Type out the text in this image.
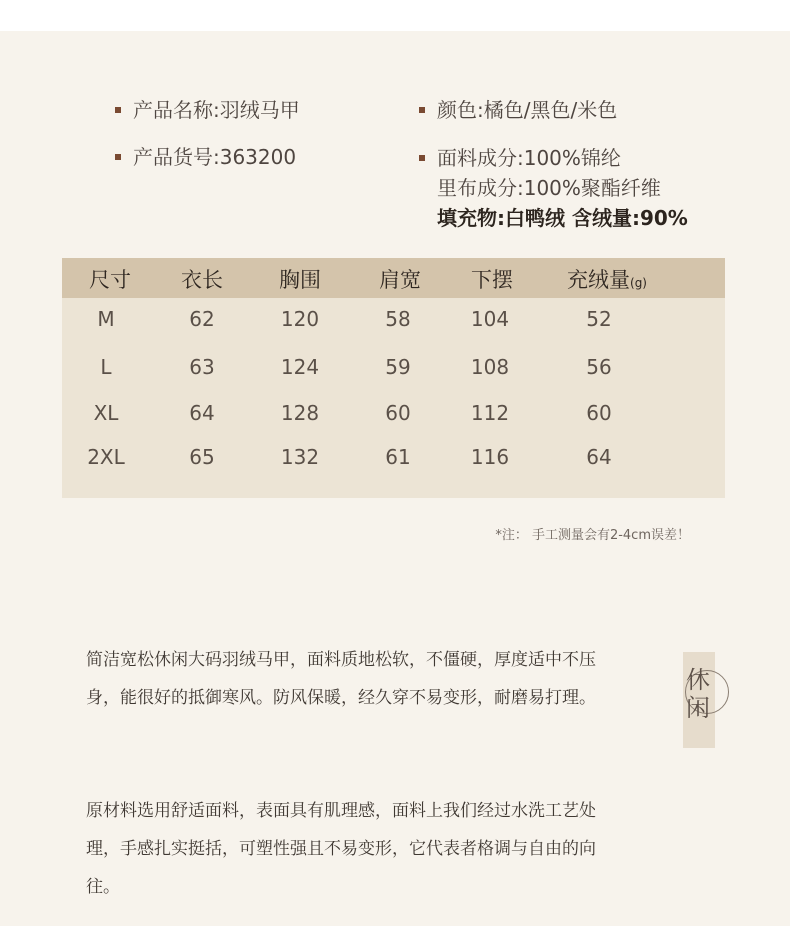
产品名称:羽绒马甲
产品货号:363200
颜色:橘色/黑色/米色
面料成分:100%锦纶
里布成分:100%聚酯纤维
填充物:白鸭绒 含绒量:90%
尺寸 衣长	胸围	肩宽 下摆	充绒量(g)
M	62	120	58	104	52
L	63	124	59	108	56
XL	64	128	60	112	60
2XL	65	132	61	116	64
*注： 手工测量会有2-4cm误差！
简洁宽松休闲大码羽绒马甲，面料质地松软，不僵硬，厚度适中不压身，能很好的抵御寒风。防风保暖，经久穿不易变形，耐磨易打理。
原材料选用舒适面料，表面具有肌理感，面料上我们经过水洗工艺处理，手感扎实挺括，可塑性强且不易变形，它代表者格调与自由的向往。
休
闲
